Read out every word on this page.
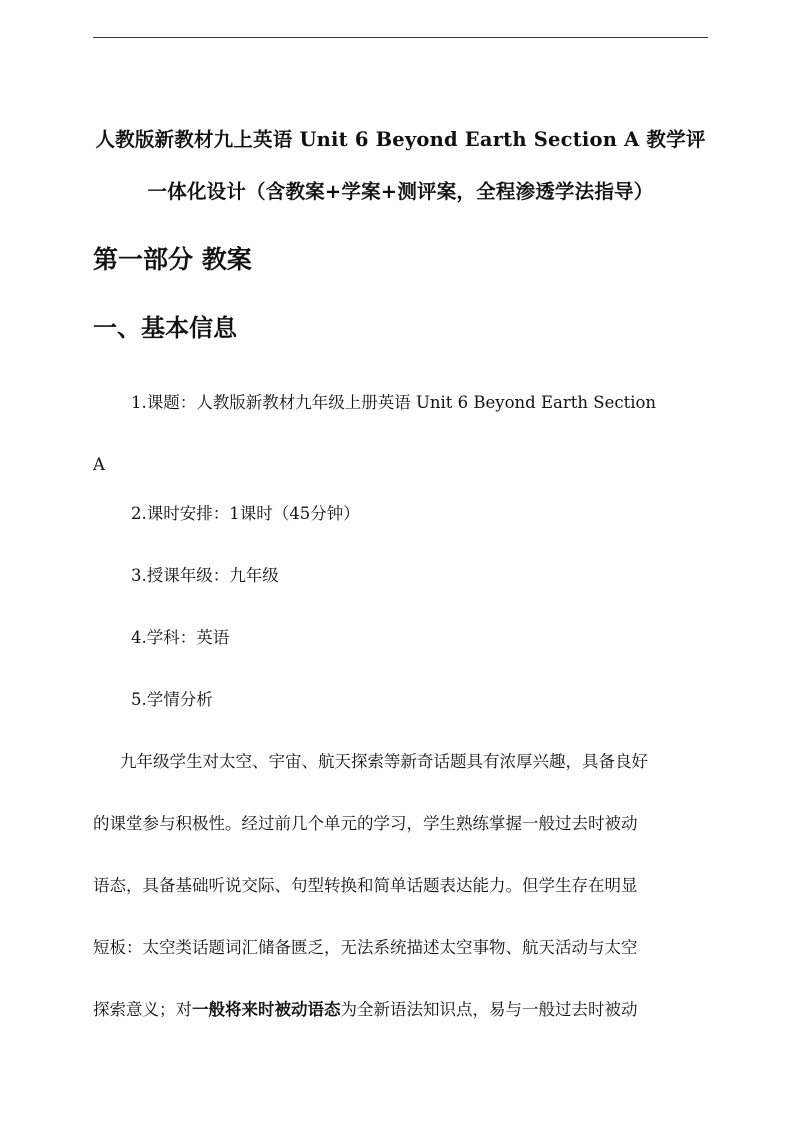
人教版新教材九上英语 Unit 6 Beyond Earth Section A 教学评
一体化设计（含教案+学案+测评案，全程渗透学法指导）
第一部分 教案
一、基本信息
1.课题：人教版新教材九年级上册英语 Unit 6 Beyond Earth Section
A

2.课时安排：1课时（45分钟）

3.授课年级：九年级

4.学科：英语

5.学情分析

九年级学生对太空、宇宙、航天探索等新奇话题具有浓厚兴趣，具备良好
的课堂参与积极性。经过前几个单元的学习，学生熟练掌握一般过去时被动
语态，具备基础听说交际、句型转换和简单话题表达能力。但学生存在明显
短板：太空类话题词汇储备匮乏，无法系统描述太空事物、航天活动与太空
探索意义；对一般将来时被动语态为全新语法知识点，易与一般过去时被动
